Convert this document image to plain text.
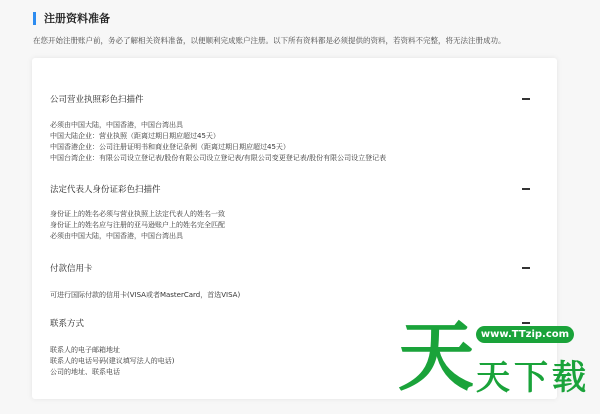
注册资料准备
在您开始注册账户前，务必了解相关资料准备，以便顺利完成账户注册。以下所有资料都是必须提供的资料，若资料不完整，将无法注册成功。
公司营业执照彩色扫描件
必须由中国大陆，中国香港，中国台湾出具
中国大陆企业：营业执照（距离过期日期应超过45天）
中国香港企业：公司注册证明书和商业登记条例（距离过期日期应超过45天）
中国台湾企业：有限公司设立登记表/股份有限公司设立登记表/有限公司变更登记表/股份有限公司设立登记表
法定代表人身份证彩色扫描件
身份证上的姓名必须与营业执照上法定代表人的姓名一致
身份证上的姓名应与注册的亚马逊账户上的姓名完全匹配
必须由中国大陆，中国香港，中国台湾出具
付款信用卡
可进行国际付款的信用卡(VISA或者MasterCard，首选VISA)
联系方式
联系人的电子邮箱地址
联系人的电话号码(建议填写法人的电话)
公司的地址、联系电话	天 www.TTzip.com
天下载
